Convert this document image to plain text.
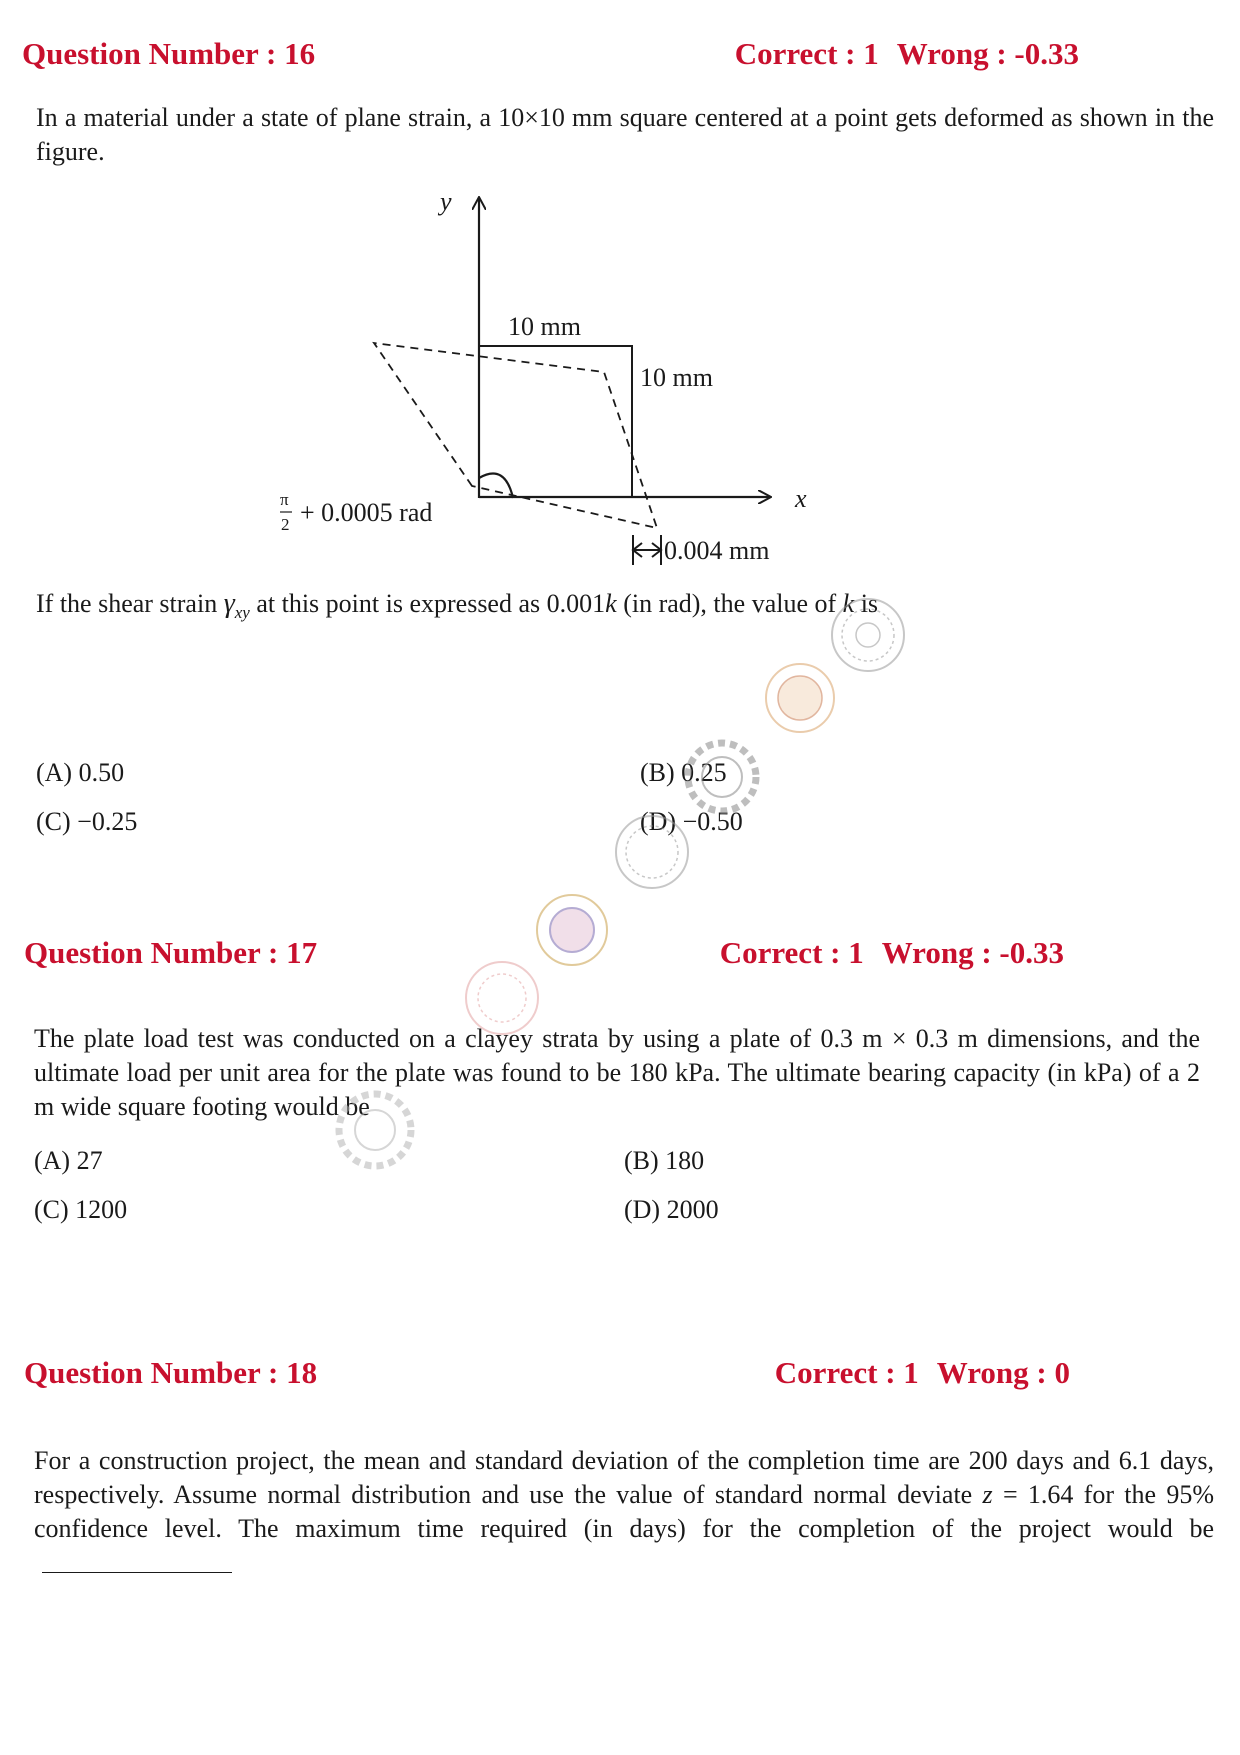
Question Number : 16	Correct : 1 Wrong : -0.33
In a material under a state of plane strain, a 10×10 mm square centered at a point gets deformed as shown in the figure.
y
x
10 mm
10 mm
π
2 + 0.0005 rad
0.004 mm
If the shear strain $\gamma_{xy}$ at this point is expressed as 0.001k (in rad), the value of k is
(A) 0.50	(B) 0.25
(C) −0.25	(D) −0.50
Question Number : 17	Correct : 1 Wrong : -0.33
The plate load test was conducted on a clayey strata by using a plate of 0.3 m × 0.3 m dimensions, and the ultimate load per unit area for the plate was found to be 180 kPa. The ultimate bearing capacity (in kPa) of a 2 m wide square footing would be
(A) 27	(B) 180
(C) 1200	(D) 2000
Question Number : 18	Correct : 1 Wrong : 0
For a construction project, the mean and standard deviation of the completion time are 200 days and 6.1 days, respectively. Assume normal distribution and use the value of standard normal deviate z = 1.64 for the 95% confidence level. The maximum time required (in days) for the completion of the project would be
